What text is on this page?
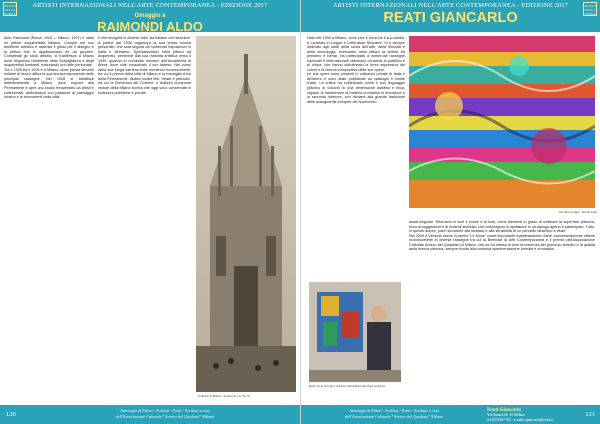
ARTISTI INTERNAZIONALI NELL'ARTE CONTEMPORANEA - EDIZIONE 2017
ARTISTI
NELLA
STORIA	Omaggio a
RAIMONDI ALDO

Aldo Raimondi (Roma, 1902 – Milano, 1997) è stato un pittore acquerellista italiano. Compie nel suo ambiente artistico e assimila il gusto per il disegno e la pittura che lo appassionano fin da giovane. Completati gli studi artistici, si trasferisce a Milano dove frequenta l'ambiente della Scapigliatura e degli acquerellisti lombardi, maturando uno stile personale.

Tra il 1925 ed il 1926 è a Milano, dove presta servizio militare di leva e affina la sua tecnica esponendo nelle principali rassegne. Nel 1928 si stabilisce definitivamente a Milano, dove espone alla Permanente e apre uno studio frequentato da artisti e collezionisti, dedicandosi con passione al paesaggio urbano e ai monumenti della città.

e che svolgerà in diverse città, sia italiane che straniere. A partire dal 1930 organizza la sua prima mostra personale, che sarà seguita da numerose esposizioni in Italia e all'estero. Specializzatosi nella pittura ad acquerello, pervenne alla sua maturità artistica verso il 1939, quando fu nominato membro dell'Accademia di Brera, dove vide consacrato il suo talento. Nel corso della sua lunga carriera ebbe numerosi riconoscimenti, tra cui il premio della città di Milano e la medaglia d'oro della Permanente. Illustrò inoltre libri, riviste e periodici, tra cui la Domenica del Corriere, e realizzò numerose vedute della Milano storica che oggi sono conservate in collezioni pubbliche e private.

Il Duomo di Milano - Acquerello, cm 50x 70
Antologia di Pittori - Scultori - Poeti - Scrittori a cura
dell'Associazione Culturale "Arezzo del Quadrato" Milano
120
ARTISTI INTERNAZIONALI NELL'ARTE CONTEMPORANEA - EDIZIONE 2017	ARTISTI
NELLA
STORIA
REATI GIANCARLO

Nato nel 1938 a Milano, dove vive e dove ha il suo studio, è Laureato in Lingue e Letterature Straniere. Si è sempre dedicato agli studi della storia dell'arte, della filosofia e della simbologia, ricercando nella pittura la sintesi tra pensiero e forma. Ha partecipato a numerose rassegne nazionali e internazionali ottenendo consensi di pubblico e di critica, che hanno sottolineato la forza espressiva del colore e la ricerca compositiva delle sue opere.

Le sue opere sono presenti in collezioni private in Italia e all'estero e sono state pubblicate su cataloghi e riviste d'arte. La critica ha evidenziato come il suo linguaggio pittorico si collochi in una dimensione astratta e lirica, capace di trasformare la materia cromatica in emozione e in racconto interiore, con richiami alla grande tradizione delle avanguardie europee del Novecento.

Reati con la sua opera vincitrice dell'Ambasciata d'Arte di Arezzo
Nel sito a gruppo - Tessuto misto

assai singolari. Ritornano in luce il colore e la luce, come elementi in grado di vivificare la superficie pittorica, ricca di suggestioni e di rimandi simbolici che coinvolgono lo spettatore in un dialogo aperto e partecipato. Tutto, in questo autore, pare ricondurre alla fantasia e alla sensibilità di un pennello dinamico e vitale.

Nel 2009 a Venezia riceve il premio "Le Muse" come importante manifestazione d'arte; successivamente ottiene riconoscimenti in diverse rassegne tra cui la Biennale di Arte Contemporanea e il premio dell'Associazione Culturale Arezzo del Quadrato di Milano, che ne ha messo in luce la coerenza del percorso artistico e la qualità della ricerca pittorica, sempre rivolta alla continua sperimentazione formale e cromatica.

Antologia di Pittori - Scultori - Poeti - Scrittori a cura
dell'Associazione Culturale "Arezzo del Quadrato" Milano
Reati Giancarlo
Via Bonacchi, 16 Milano
tel.0270167702 - e-mail: giancarlo@reati.it
121
